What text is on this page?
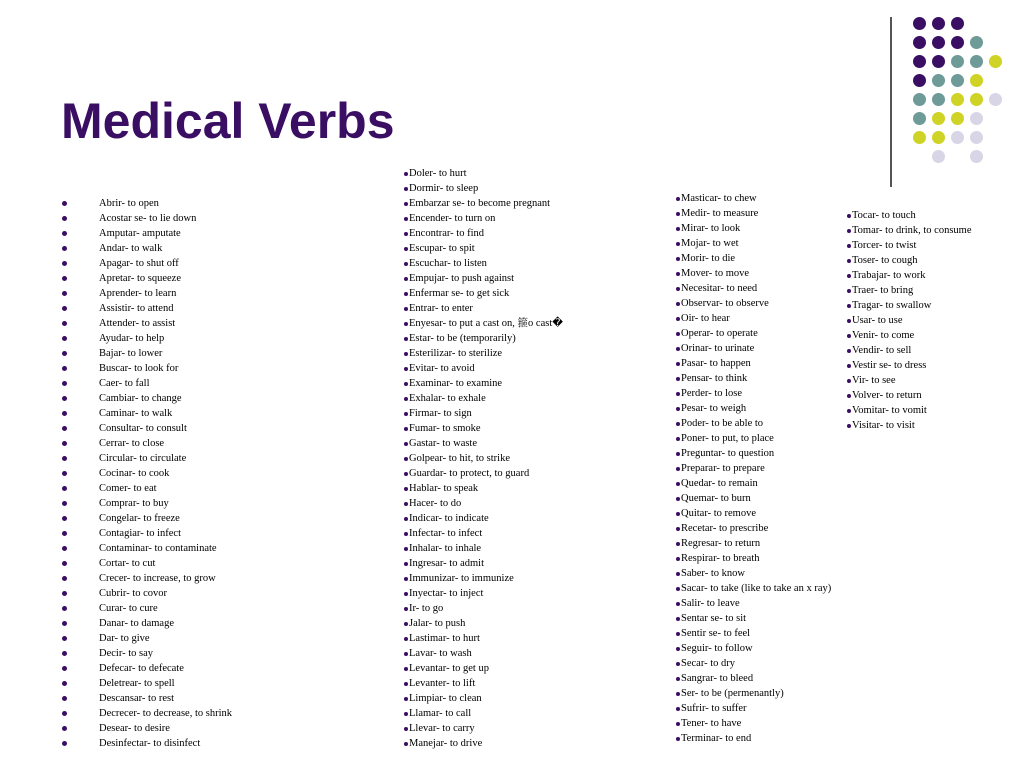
Medical Verbs
Abrir- to open
Acostar se- to lie down
Amputar- amputate
Andar- to walk
Apagar- to shut off
Apretar- to squeeze
Aprender- to learn
Assistir- to attend
Attender- to assist
Ayudar- to help
Bajar- to lower
Buscar- to look for
Caer- to fall
Cambiar- to change
Caminar- to walk
Consultar- to consult
Cerrar- to close
Circular- to circulate
Cocinar- to cook
Comer- to eat
Comprar- to buy
Congelar- to freeze
Contagiar- to infect
Contaminar- to contaminate
Cortar- to cut
Crecer- to increase, to grow
Cubrir- to covor
Curar- to cure
Danar- to damage
Dar- to give
Decir- to say
Defecar- to defecate
Deletrear- to spell
Descansar- to rest
Decrecer- to decrease, to shrink
Desear- to desire
Desinfectar- to disinfect
Doler- to hurt
Dormir- to sleep
Embarzar se- to become pregnant
Encender- to turn on
Encontrar- to find
Escupar- to spit
Escuchar- to listen
Empujar- to push against
Enfermar se- to get sick
Entrar- to enter
Enyesar- to put a cast on, 箍o cast�
Estar- to be (temporarily)
Esterilizar- to sterilize
Evitar- to avoid
Examinar- to examine
Exhalar- to exhale
Firmar- to sign
Fumar- to smoke
Gastar- to waste
Golpear- to hit, to strike
Guardar- to protect, to guard
Hablar- to speak
Hacer- to do
Indicar- to indicate
Infectar- to infect
Inhalar- to inhale
Ingresar- to admit
Immunizar- to immunize
Inyectar- to inject
Ir- to go
Jalar- to push
Lastimar- to hurt
Lavar- to wash
Levantar- to get up
Levanter- to lift
Limpiar- to clean
Llamar- to call
Llevar- to carry
Manejar- to drive
Masticar- to chew
Medir- to measure
Mirar- to look
Mojar- to wet
Morir- to die
Mover- to move
Necesitar- to need
Observar- to observe
Oir- to hear
Operar- to operate
Orinar- to urinate
Pasar- to happen
Pensar- to think
Perder- to lose
Pesar- to weigh
Poder- to be able to
Poner- to put, to place
Preguntar- to question
Preparar- to prepare
Quedar- to remain
Quemar- to burn
Quitar- to remove
Recetar- to prescribe
Regresar- to return
Respirar- to breath
Saber- to know
Sacar- to take (like to take an x ray)
Salir- to leave
Sentar se- to sit
Sentir se- to feel
Seguir- to follow
Secar- to dry
Sangrar- to bleed
Ser- to be (permenantly)
Sufrir- to suffer
Tener- to have
Terminar- to end
Tocar- to touch
Tomar- to drink, to consume
Torcer- to twist
Toser- to cough
Trabajar- to work
Traer- to bring
Tragar- to swallow
Usar- to use
Venir- to come
Vendir- to sell
Vestir se- to dress
Vir- to see
Volver- to return
Vomitar- to vomit
Visitar- to visit
